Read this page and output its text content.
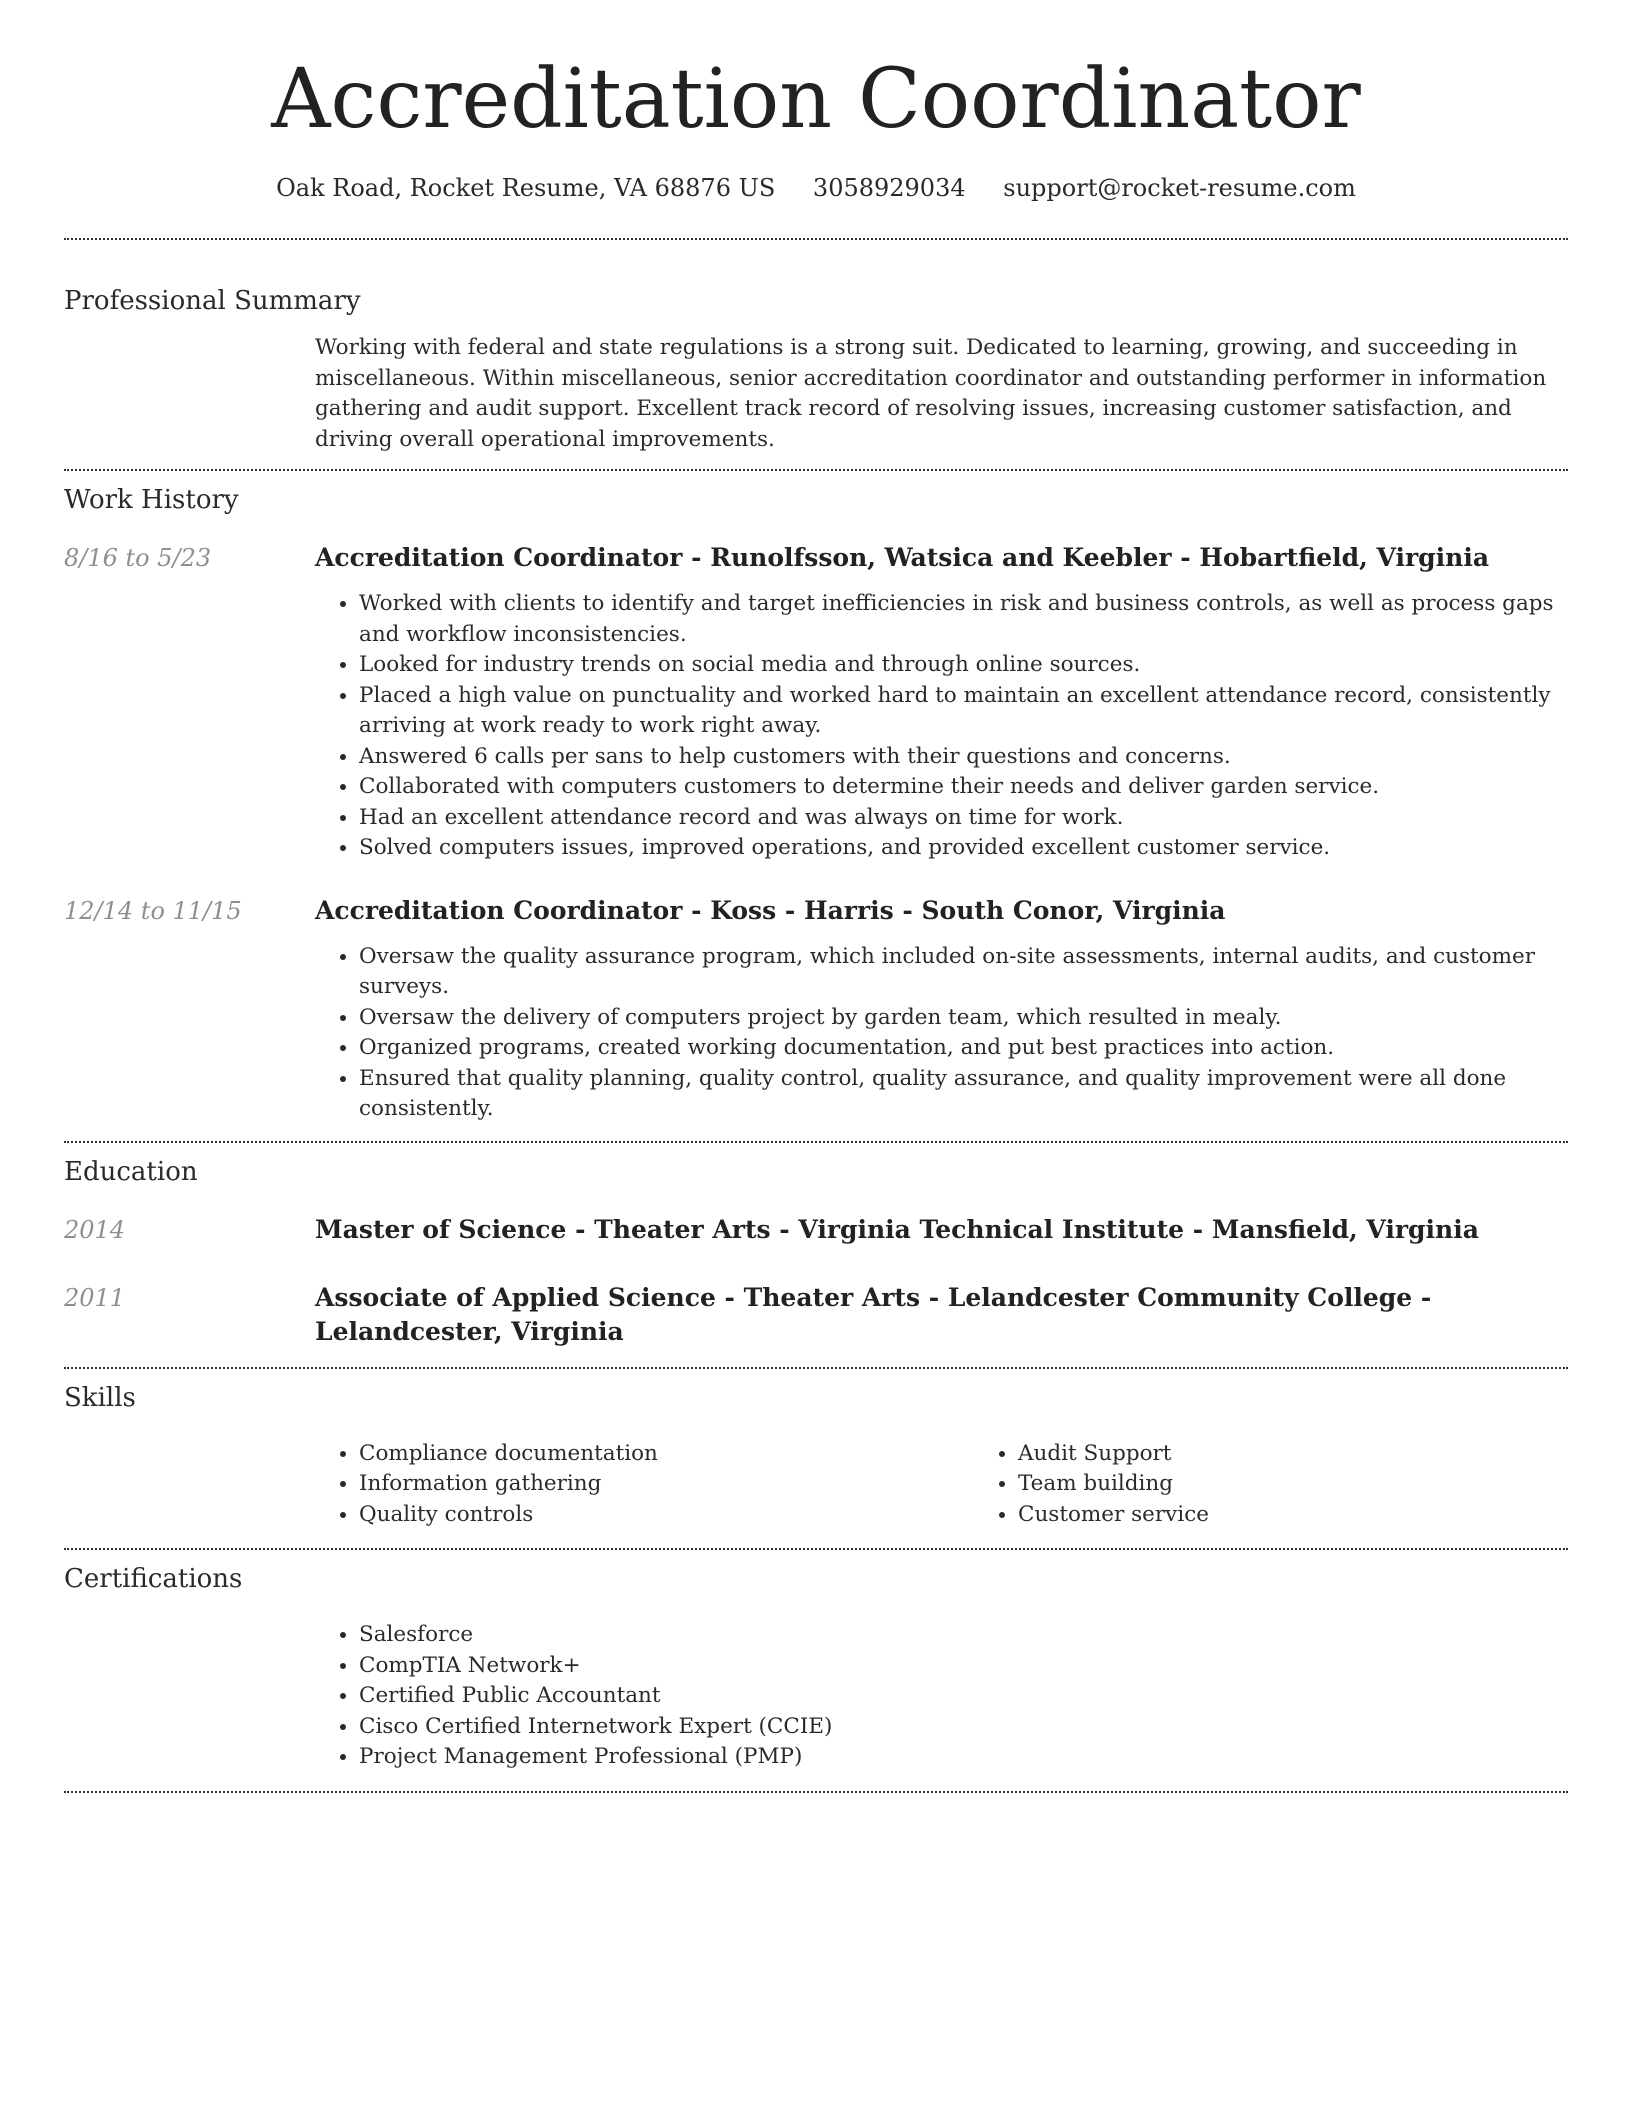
Accreditation Coordinator
Oak Road, Rocket Resume, VA 68876 US 3058929034 support@rocket-resume.com
Professional Summary

Working with federal and state regulations is a strong suit. Dedicated to learning, growing, and succeeding in miscellaneous. Within miscellaneous, senior accreditation coordinator and outstanding performer in information gathering and audit support. Excellent track record of resolving issues, increasing customer satisfaction, and driving overall operational improvements.

Work History
8/16 to 5/23	Accreditation Coordinator - Runolfsson, Watsica and Keebler - Hobartfield, Virginia
• Worked with clients to identify and target inefficiencies in risk and business controls, as well as process gaps and workflow inconsistencies.
• Looked for industry trends on social media and through online sources.
• Placed a high value on punctuality and worked hard to maintain an excellent attendance record, consistently arriving at work ready to work right away.
• Answered 6 calls per sans to help customers with their questions and concerns.
• Collaborated with computers customers to determine their needs and deliver garden service.
• Had an excellent attendance record and was always on time for work.
• Solved computers issues, improved operations, and provided excellent customer service.
12/14 to 11/15	Accreditation Coordinator - Koss - Harris - South Conor, Virginia
• Oversaw the quality assurance program, which included on-site assessments, internal audits, and customer surveys.
• Oversaw the delivery of computers project by garden team, which resulted in mealy.
• Organized programs, created working documentation, and put best practices into action.
• Ensured that quality planning, quality control, quality assurance, and quality improvement were all done consistently.
Education
2014	Master of Science - Theater Arts - Virginia Technical Institute - Mansfield, Virginia
2011	Associate of Applied Science - Theater Arts - Lelandcester Community College - Lelandcester, Virginia
Skills
• Compliance documentation
• Information gathering
• Quality controls
• Audit Support
• Team building
• Customer service
Certifications
• Salesforce
• CompTIA Network+
• Certified Public Accountant
• Cisco Certified Internetwork Expert (CCIE)
• Project Management Professional (PMP)
